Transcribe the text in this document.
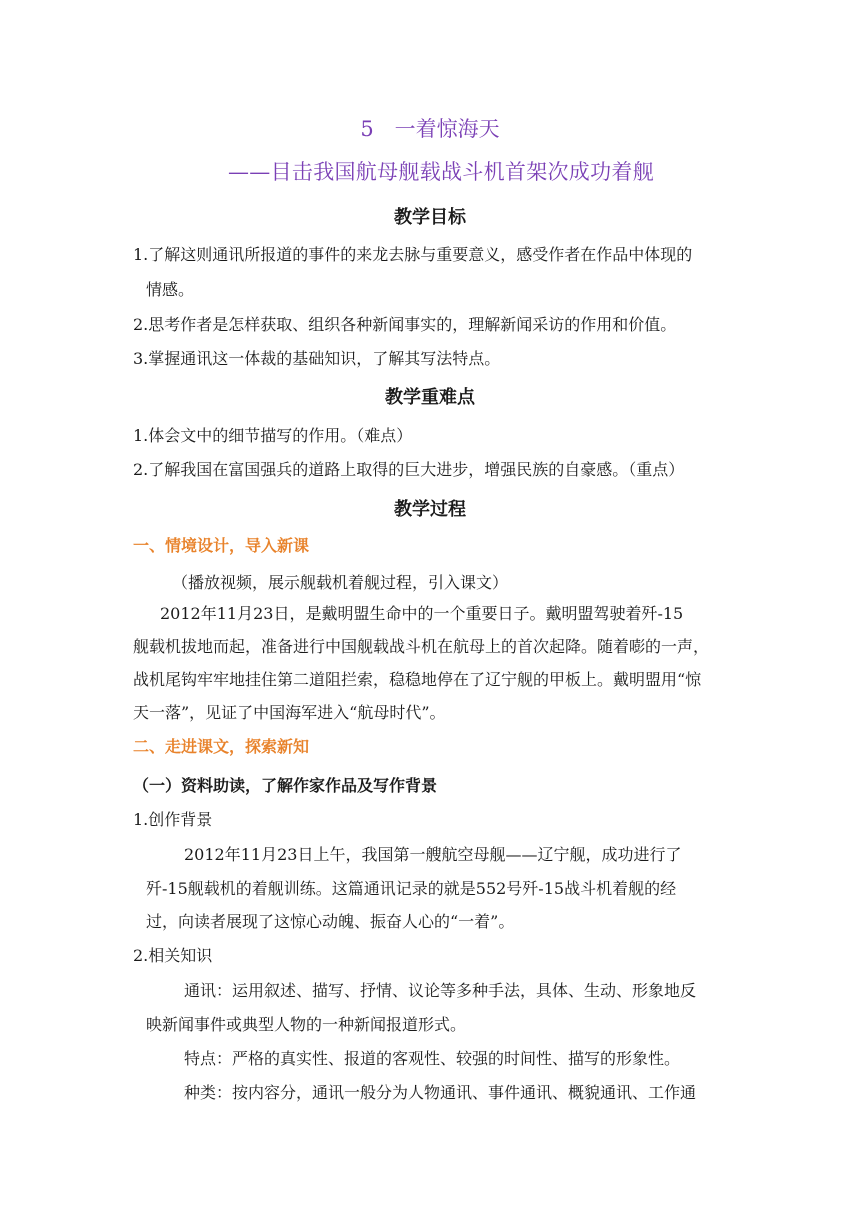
5　一着惊海天
——目击我国航母舰载战斗机首架次成功着舰
教学目标
1.了解这则通讯所报道的事件的来龙去脉与重要意义，感受作者在作品中体现的
情感。
2.思考作者是怎样获取、组织各种新闻事实的，理解新闻采访的作用和价值。
3.掌握通讯这一体裁的基础知识，了解其写法特点。
教学重难点
1.体会文中的细节描写的作用。（难点）
2.了解我国在富国强兵的道路上取得的巨大进步，增强民族的自豪感。（重点）
教学过程
一、情境设计，导入新课
（播放视频，展示舰载机着舰过程，引入课文）
2012年11月23日，是戴明盟生命中的一个重要日子。戴明盟驾驶着歼-15
舰载机拔地而起，准备进行中国舰载战斗机在航母上的首次起降。随着嘭的一声，
战机尾钩牢牢地挂住第二道阻拦索，稳稳地停在了辽宁舰的甲板上。戴明盟用“惊
天一落”，见证了中国海军进入“航母时代”。
二、走进课文，探索新知
（一）资料助读，了解作家作品及写作背景
1.创作背景
2012年11月23日上午，我国第一艘航空母舰——辽宁舰，成功进行了
歼-15舰载机的着舰训练。这篇通讯记录的就是552号歼-15战斗机着舰的经
过，向读者展现了这惊心动魄、振奋人心的“一着”。
2.相关知识
通讯：运用叙述、描写、抒情、议论等多种手法，具体、生动、形象地反
映新闻事件或典型人物的一种新闻报道形式。
特点：严格的真实性、报道的客观性、较强的时间性、描写的形象性。
种类：按内容分，通讯一般分为人物通讯、事件通讯、概貌通讯、工作通
